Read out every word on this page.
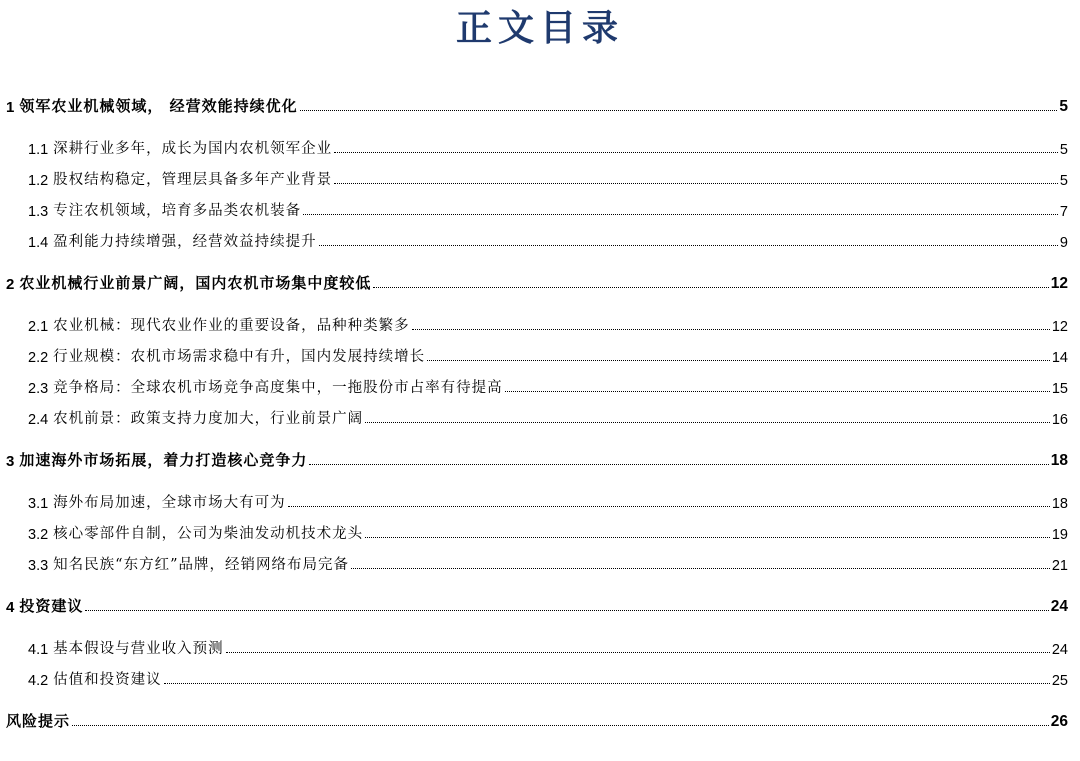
正文目录
1 领军农业机械领域， 经营效能持续优化	5
1.1 深耕行业多年，成长为国内农机领军企业	5
1.2 股权结构稳定，管理层具备多年产业背景	5
1.3 专注农机领域，培育多品类农机装备	7
1.4 盈利能力持续增强，经营效益持续提升	9
2 农业机械行业前景广阔，国内农机市场集中度较低	12
2.1 农业机械：现代农业作业的重要设备，品种种类繁多	12
2.2 行业规模：农机市场需求稳中有升，国内发展持续增长	14
2.3 竞争格局：全球农机市场竞争高度集中，一拖股份市占率有待提高	15
2.4 农机前景：政策支持力度加大，行业前景广阔	16
3 加速海外市场拓展，着力打造核心竞争力	18
3.1 海外布局加速，全球市场大有可为	18
3.2 核心零部件自制，公司为柴油发动机技术龙头	19
3.3 知名民族“东方红”品牌，经销网络布局完备	21
4 投资建议	24
4.1 基本假设与营业收入预测	24
4.2 估值和投资建议	25
风险提示	26
